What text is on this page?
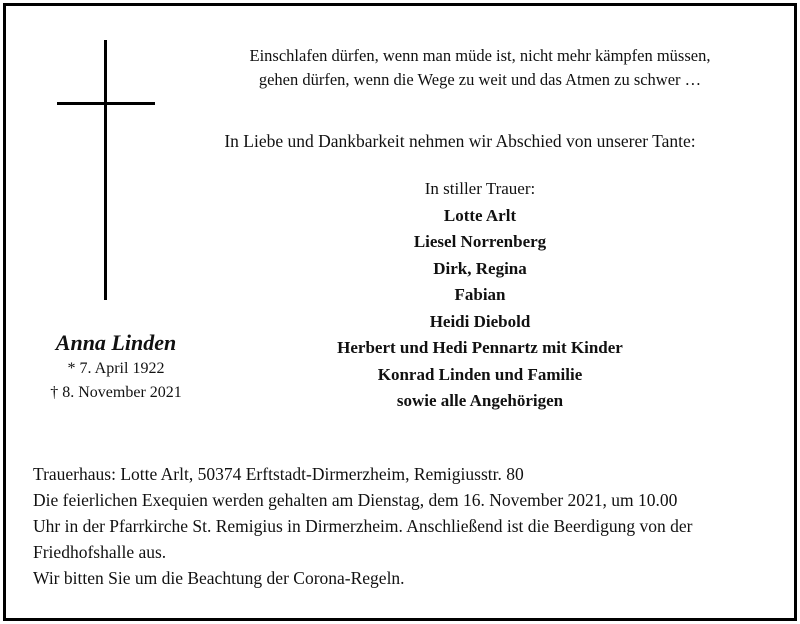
Einschlafen dürfen, wenn man müde ist, nicht mehr kämpfen müssen,
gehen dürfen, wenn die Wege zu weit und das Atmen zu schwer …
In Liebe und Dankbarkeit nehmen wir Abschied von unserer Tante:
In stiller Trauer:
Lotte Arlt
Liesel Norrenberg
Dirk, Regina
Fabian
Heidi Diebold
Herbert und Hedi Pennartz mit Kinder
Konrad Linden und Familie
sowie alle Angehörigen
Anna Linden
* 7. April 1922
† 8. November 2021
Trauerhaus: Lotte Arlt, 50374 Erftstadt-Dirmerzheim, Remigiusstr. 80
Die feierlichen Exequien werden gehalten am Dienstag, dem 16. November 2021, um 10.00
Uhr in der Pfarrkirche St. Remigius in Dirmerzheim. Anschließend ist die Beerdigung von der
Friedhofshalle aus.
Wir bitten Sie um die Beachtung der Corona-Regeln.
